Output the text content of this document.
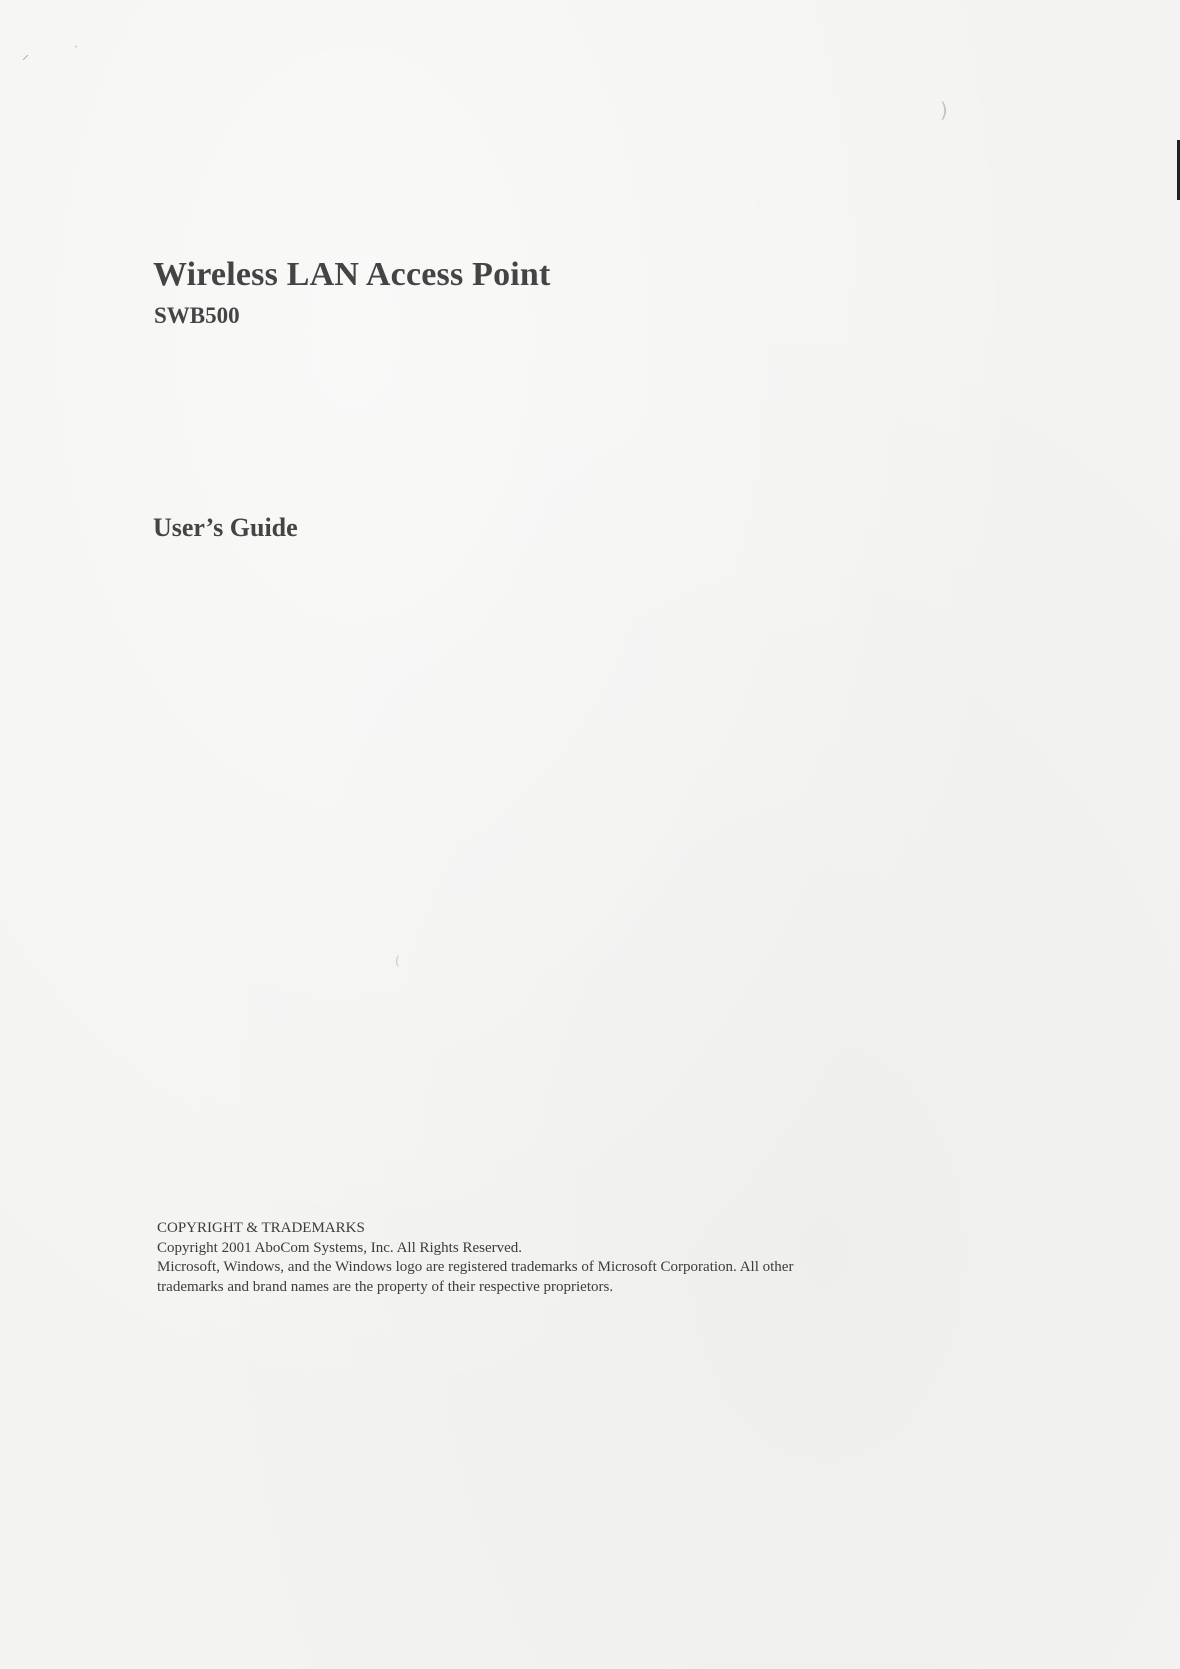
⸝
ˎ
)
(
Wireless LAN Access Point
SWB500
User’s Guide

COPYRIGHT & TRADEMARKS

Copyright 2001 AboCom Systems, Inc. All Rights Reserved.

Microsoft, Windows, and the Windows logo are registered trademarks of Microsoft Corporation. All other

trademarks and brand names are the property of their respective proprietors.
